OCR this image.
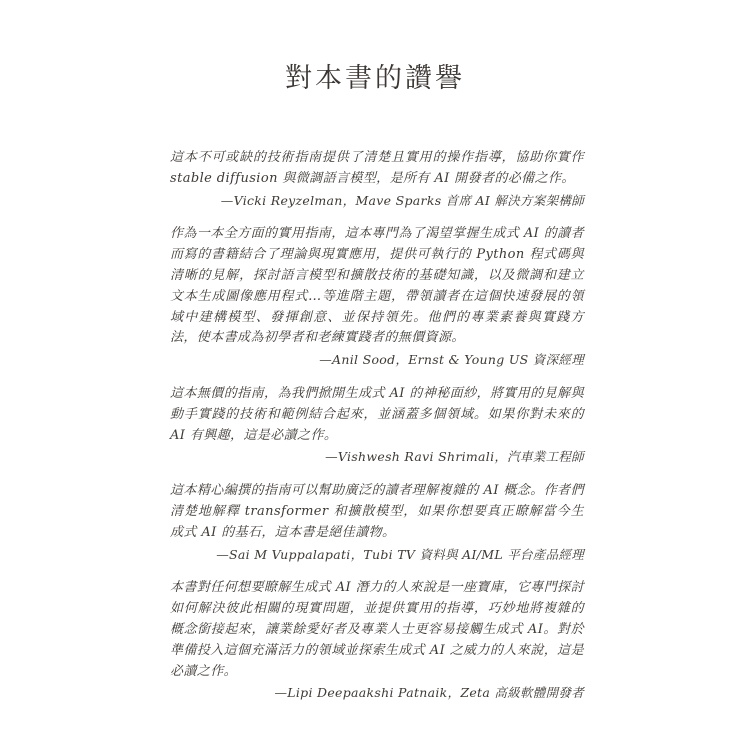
對本書的讚譽

這本不可或缺的技術指南提供了清楚且實用的操作指導，協助你實作 stable diffusion 與微調語言模型，是所有 AI 開發者的必備之作。

—Vicki Reyzelman，Mave Sparks 首席 AI 解決方案架構師

作為一本全方面的實用指南，這本專門為了渴望掌握生成式 AI 的讀者而寫的書籍結合了理論與現實應用，提供可執行的 Python 程式碼與清晰的見解，探討語言模型和擴散技術的基礎知識，以及微調和建立文本生成圖像應用程式…等進階主題，帶領讀者在這個快速發展的領域中建構模型、發揮創意、並保持領先。他們的專業素養與實踐方法，使本書成為初學者和老練實踐者的無價資源。

—Anil Sood，Ernst & Young US 資深經理

這本無價的指南，為我們掀開生成式 AI 的神秘面紗，將實用的見解與動手實踐的技術和範例結合起來，並涵蓋多個領域。如果你對未來的 AI 有興趣，這是必讀之作。

—Vishwesh Ravi Shrimali，汽車業工程師

這本精心編撰的指南可以幫助廣泛的讀者理解複雜的 AI 概念。作者們清楚地解釋 transformer 和擴散模型，如果你想要真正瞭解當今生成式 AI 的基石，這本書是絕佳讀物。

—Sai M Vuppalapati，Tubi TV 資料與 AI/ML 平台產品經理

本書對任何想要瞭解生成式 AI 潛力的人來說是一座寶庫，它專門探討如何解決彼此相關的現實問題，並提供實用的指導，巧妙地將複雜的概念銜接起來，讓業餘愛好者及專業人士更容易接觸生成式 AI。對於準備投入這個充滿活力的領域並探索生成式 AI 之威力的人來說，這是必讀之作。

—Lipi Deepaakshi Patnaik，Zeta 高級軟體開發者
